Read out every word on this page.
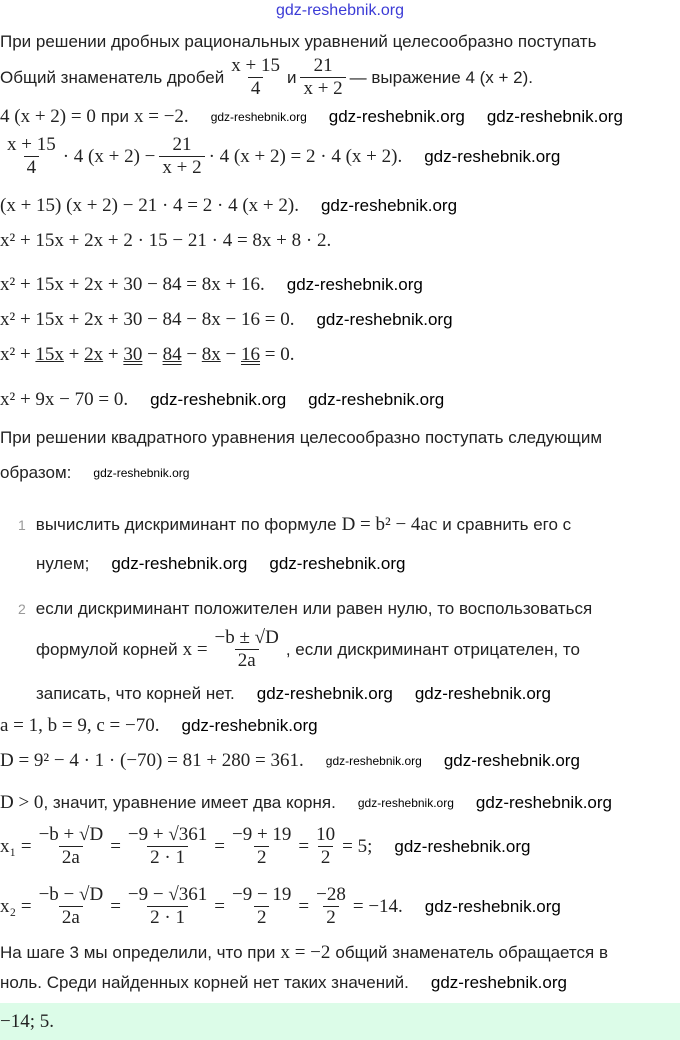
gdz-reshebnik.org
При решении дробных рациональных уравнений целесообразно поступать
Общий знаменатель дробей $\frac{x + 15}{4}$ и $\frac{21}{x + 2}$ — выражение 4 (x + 2).
4 (x + 2) = 0 при x = −2. gdz-reshebnik.org gdz-reshebnik.org gdz-reshebnik.org
$\frac{x + 15}{4} \cdot 4$ $(x + 2) - \frac{21}{x + 2} \cdot 4$ (x + 2) = 2 · 4 (x + 2). gdz-reshebnik.org
(x + 15) (x + 2) − 21 · 4 = 2 · 4 (x + 2). gdz-reshebnik.org
x² + 15x + 2x + 2 · 15 − 21 · 4 = 8x + 8 · 2.
x² + 15x + 2x + 30 − 84 = 8x + 16. gdz-reshebnik.org
x² + 15x + 2x + 30 − 84 − 8x − 16 = 0. gdz-reshebnik.org
x² + 15x + 2x + 30 − 84 − 8x − 16 = 0.
x² + 9x − 70 = 0. gdz-reshebnik.org gdz-reshebnik.org
При решении квадратного уравнения целесообразно поступать следующим
образом: gdz-reshebnik.org
1 вычислить дискриминант по формуле D = b² − 4ac и сравнить его с
нулем; gdz-reshebnik.org gdz-reshebnik.org
2 если дискриминант положителен или равен нулю, то воспользоваться
формулой корней $x = \frac{-b \pm √D}{2a}$ , если дискриминант отрицателен, то
записать, что корней нет. gdz-reshebnik.org gdz-reshebnik.org
a = 1, b = 9, c = −70. gdz-reshebnik.org
D = 9² − 4 · 1 · (−70) = 81 + 280 = 361. gdz-reshebnik.org gdz-reshebnik.org
D > 0 , значит, уравнение имеет два корня. gdz-reshebnik.org gdz-reshebnik.org
$x_1 = \frac{-b + √D}{2a} = \frac{-9 + √361}{2 \cdot 1} = \frac{-9 + 19}{2} = \frac{10}{2} = 5$; gdz-reshebnik.org
$x_2 = \frac{-b - √D}{2a} = \frac{-9 - √361}{2 \cdot 1} = \frac{-9 - 19}{2} = \frac{-28}{2} = -14$. gdz-reshebnik.org
На шаге 3 мы определили, что при x = −2 общий знаменатель обращается в
ноль. Среди найденных корней нет таких значений. gdz-reshebnik.org
−14; 5.
